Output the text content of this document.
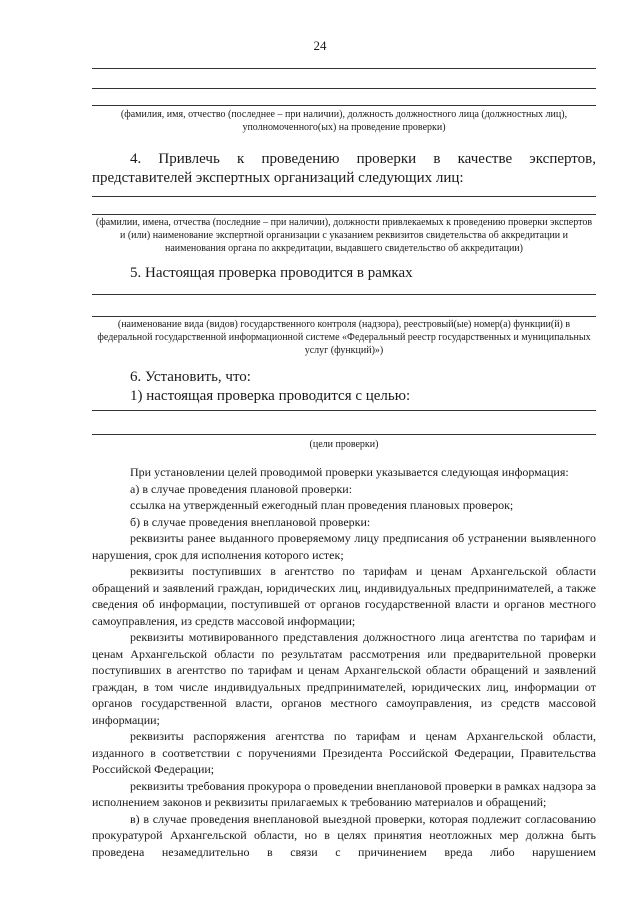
24
(фамилия, имя, отчество (последнее – при наличии), должность должностного лица (должностных лиц), уполномоченного(ых) на проведение проверки)
4. Привлечь к проведению проверки в качестве экспертов, представителей экспертных организаций следующих лиц:
(фамилии, имена, отчества (последние – при наличии), должности привлекаемых к проведению проверки экспертов и (или) наименование экспертной организации с указанием реквизитов свидетельства об аккредитации и наименования органа по аккредитации, выдавшего свидетельство об аккредитации)
5. Настоящая проверка проводится в рамках
(наименование вида (видов) государственного контроля (надзора), реестровый(ые) номер(а) функции(й) в федеральной государственной информационной системе «Федеральный реестр государственных и муниципальных услуг (функций)»)
6. Установить, что:
1) настоящая проверка проводится с целью:
(цели проверки)

При установлении целей проводимой проверки указывается следующая информация:

а) в случае проведения плановой проверки:

ссылка на утвержденный ежегодный план проведения плановых проверок;

б) в случае проведения внеплановой проверки:

реквизиты ранее выданного проверяемому лицу предписания об устранении выявленного нарушения, срок для исполнения которого истек;

реквизиты поступивших в агентство по тарифам и ценам Архангельской области обращений и заявлений граждан, юридических лиц, индивидуальных предпринимателей, а также сведения об информации, поступившей от органов государственной власти и органов местного самоуправления, из средств массовой информации;

реквизиты мотивированного представления должностного лица агентства по тарифам и ценам Архангельской области по результатам рассмотрения или предварительной проверки поступивших в агентство по тарифам и ценам Архангельской области обращений и заявлений граждан, в том числе индивидуальных предпринимателей, юридических лиц, информации от органов государственной власти, органов местного самоуправления, из средств массовой информации;

реквизиты распоряжения агентства по тарифам и ценам Архангельской области, изданного в соответствии с поручениями Президента Российской Федерации, Правительства Российской Федерации;

реквизиты требования прокурора о проведении внеплановой проверки в рамках надзора за исполнением законов и реквизиты прилагаемых к требованию материалов и обращений;

в) в случае проведения внеплановой выездной проверки, которая подлежит согласованию прокуратурой Архангельской области, но в целях принятия неотложных мер должна быть проведена незамедлительно в связи с причинением вреда либо нарушением
